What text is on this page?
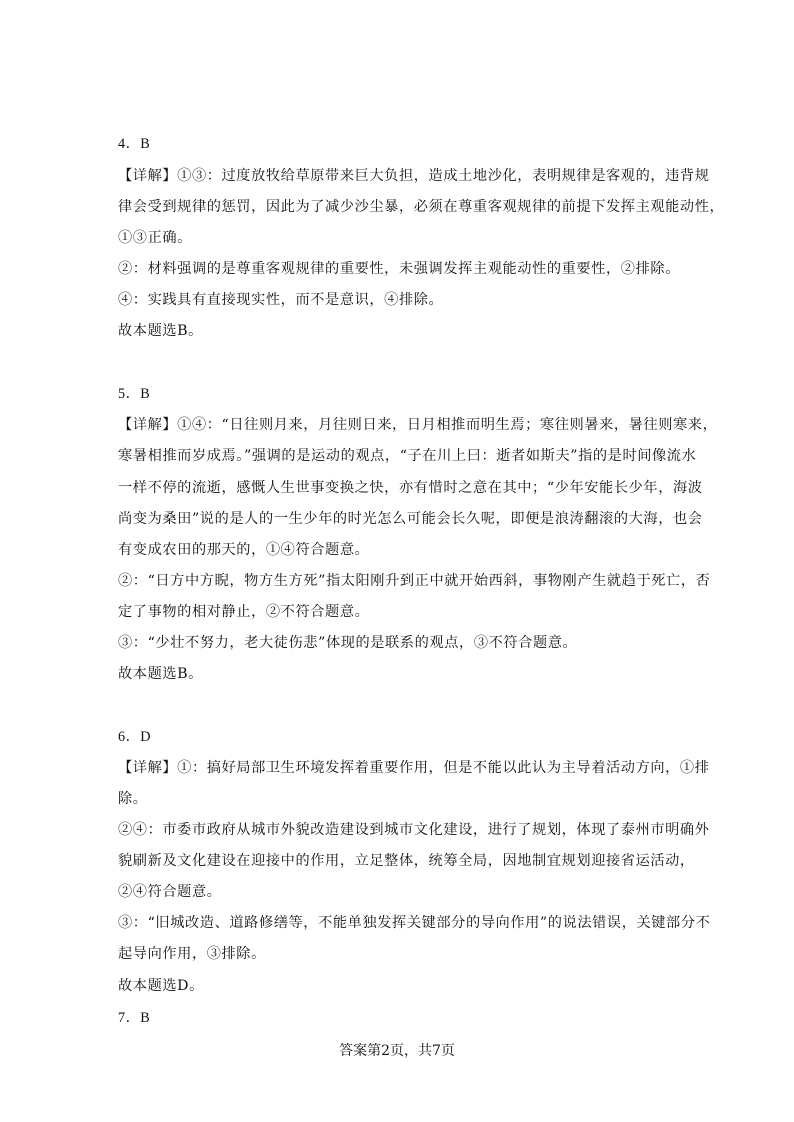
4．B
【详解】①③：过度放牧给草原带来巨大负担，造成土地沙化，表明规律是客观的，违背规
律会受到规律的惩罚，因此为了减少沙尘暴，必须在尊重客观规律的前提下发挥主观能动性，
①③正确。
②：材料强调的是尊重客观规律的重要性，未强调发挥主观能动性的重要性，②排除。
④：实践具有直接现实性，而不是意识，④排除。
故本题选B。
5．B
【详解】①④：“日往则月来，月往则日来，日月相推而明生焉；寒往则暑来，暑往则寒来，
寒暑相推而岁成焉。”强调的是运动的观点，“子在川上曰：逝者如斯夫”指的是时间像流水
一样不停的流逝，感慨人生世事变换之快，亦有惜时之意在其中；“少年安能长少年，海波
尚变为桑田”说的是人的一生少年的时光怎么可能会长久呢，即便是浪涛翻滚的大海，也会
有变成农田的那天的，①④符合题意。
②：“日方中方睨，物方生方死”指太阳刚升到正中就开始西斜，事物刚产生就趋于死亡，否
定了事物的相对静止，②不符合题意。
③：“少壮不努力，老大徒伤悲”体现的是联系的观点，③不符合题意。
故本题选B。
6．D
【详解】①：搞好局部卫生环境发挥着重要作用，但是不能以此认为主导着活动方向，①排
除。
②④：市委市政府从城市外貌改造建设到城市文化建设，进行了规划，体现了泰州市明确外
貌刷新及文化建设在迎接中的作用，立足整体，统筹全局，因地制宜规划迎接省运活动，
②④符合题意。
③：“旧城改造、道路修缮等，不能单独发挥关键部分的导向作用”的说法错误，关键部分不
起导向作用，③排除。
故本题选D。
7．B
答案第2页，共7页
